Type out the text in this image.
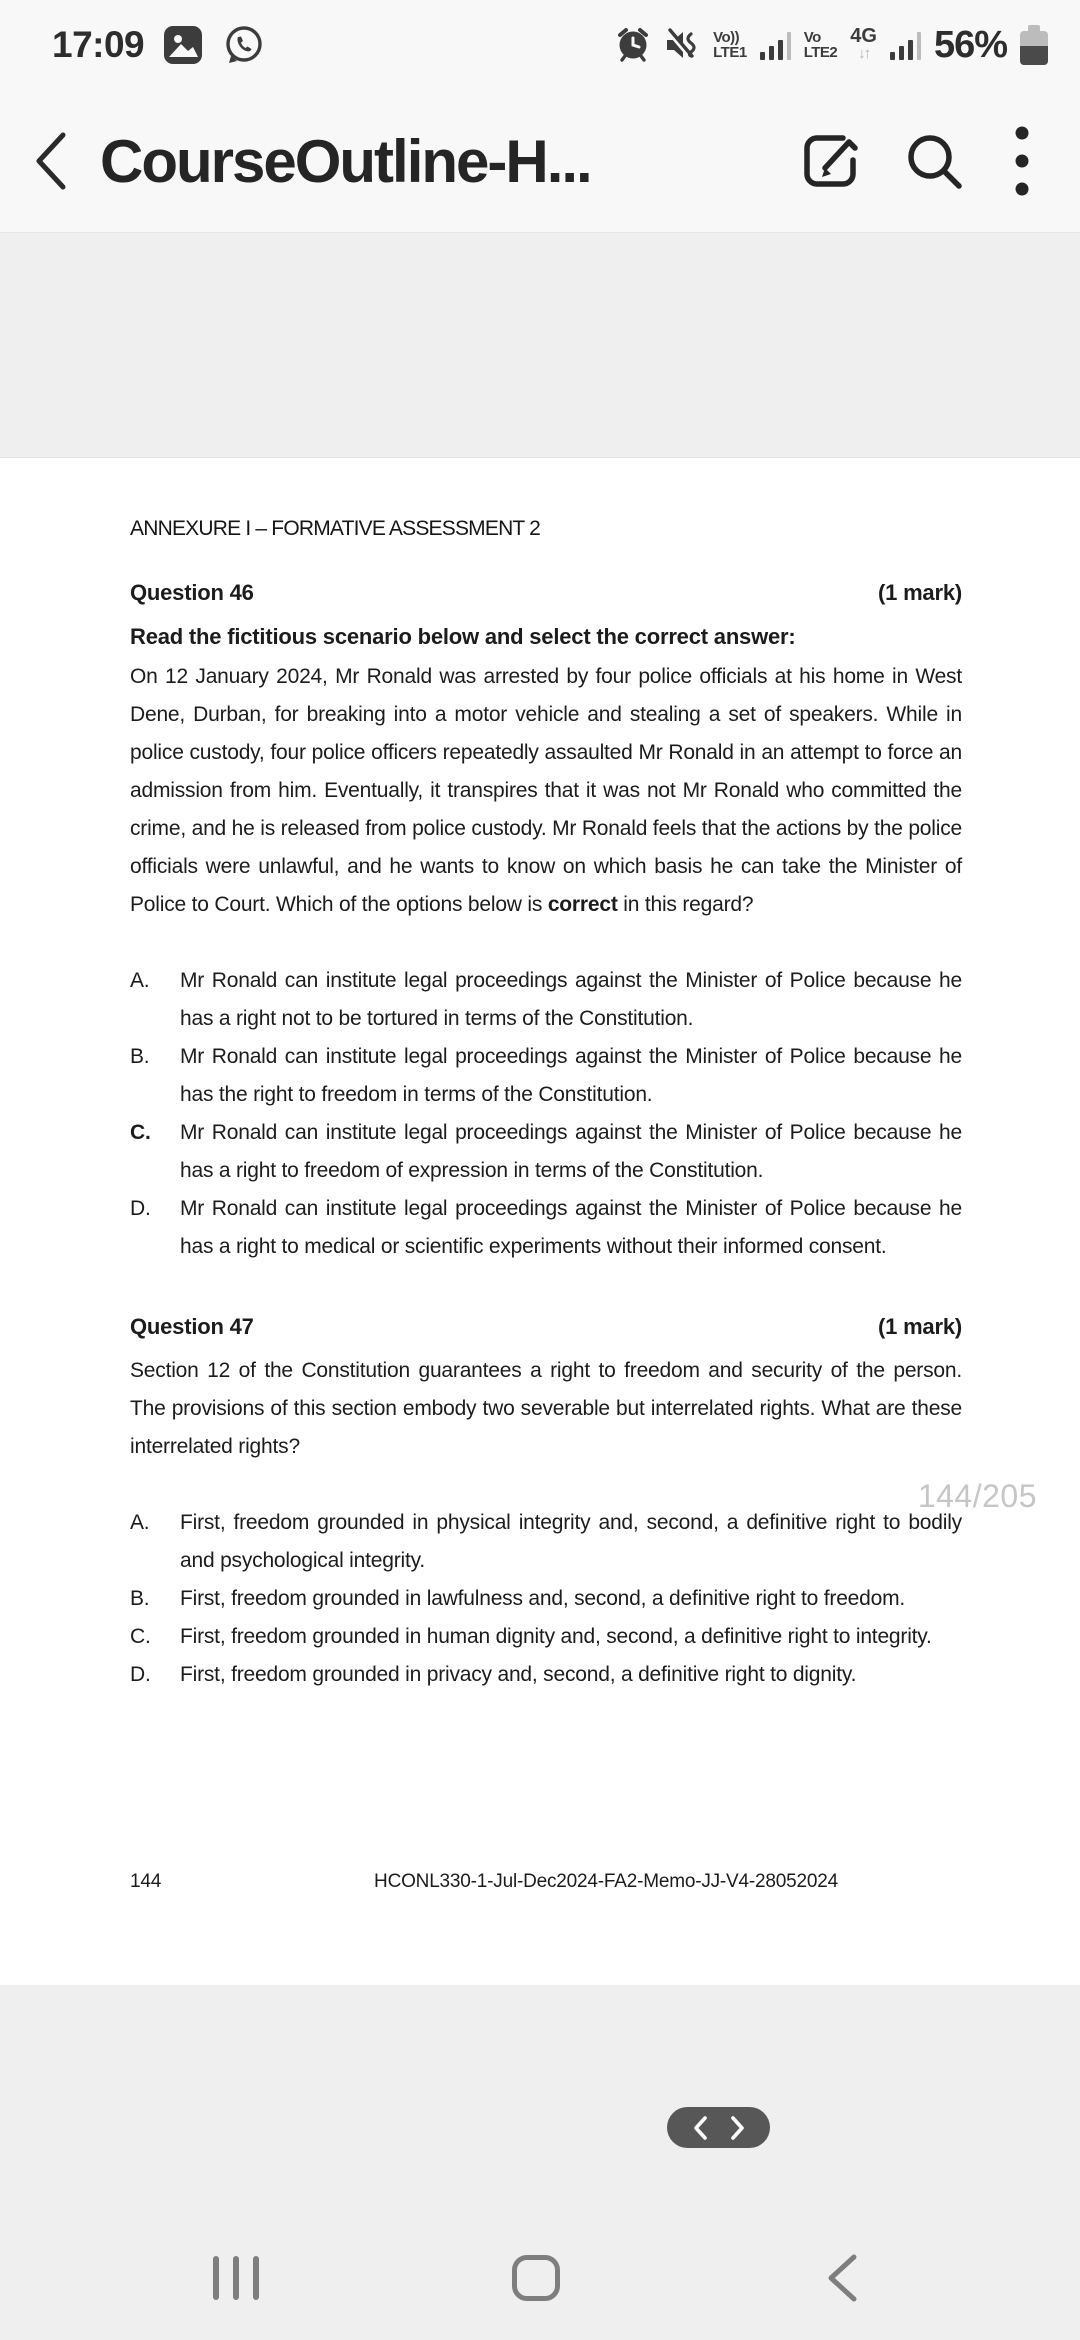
17:09	Vo))
LTE1
Vo
LTE2
4G
↓↑ 56%
CourseOutline-H...
ANNEXURE I – FORMATIVE ASSESSMENT 2
Question 46	(1 mark)
Read the fictitious scenario below and select the correct answer:
On 12 January 2024, Mr Ronald was arrested by four police officials at his home in West Dene, Durban, for breaking into a motor vehicle and stealing a set of speakers. While in police custody, four police officers repeatedly assaulted Mr Ronald in an attempt to force an admission from him. Eventually, it transpires that it was not Mr Ronald who committed the crime, and he is released from police custody. Mr Ronald feels that the actions by the police officials were unlawful, and he wants to know on which basis he can take the Minister of Police to Court. Which of the options below is correct in this regard?
A.	Mr Ronald can institute legal proceedings against the Minister of Police because he has a right not to be tortured in terms of the Constitution.
B.	Mr Ronald can institute legal proceedings against the Minister of Police because he has the right to freedom in terms of the Constitution.
C.	Mr Ronald can institute legal proceedings against the Minister of Police because he has a right to freedom of expression in terms of the Constitution.
D.	Mr Ronald can institute legal proceedings against the Minister of Police because he has a right to medical or scientific experiments without their informed consent.
Question 47	(1 mark)
Section 12 of the Constitution guarantees a right to freedom and security of the person. The provisions of this section embody two severable but interrelated rights. What are these interrelated rights?
A.	First, freedom grounded in physical integrity and, second, a definitive right to bodily and psychological integrity.
B.	First, freedom grounded in lawfulness and, second, a definitive right to freedom.
C.	First, freedom grounded in human dignity and, second, a definitive right to integrity.
D.	First, freedom grounded in privacy and, second, a definitive right to dignity.
144	HCONL330-1-Jul-Dec2024-FA2-Memo-JJ-V4-28052024
144/205
